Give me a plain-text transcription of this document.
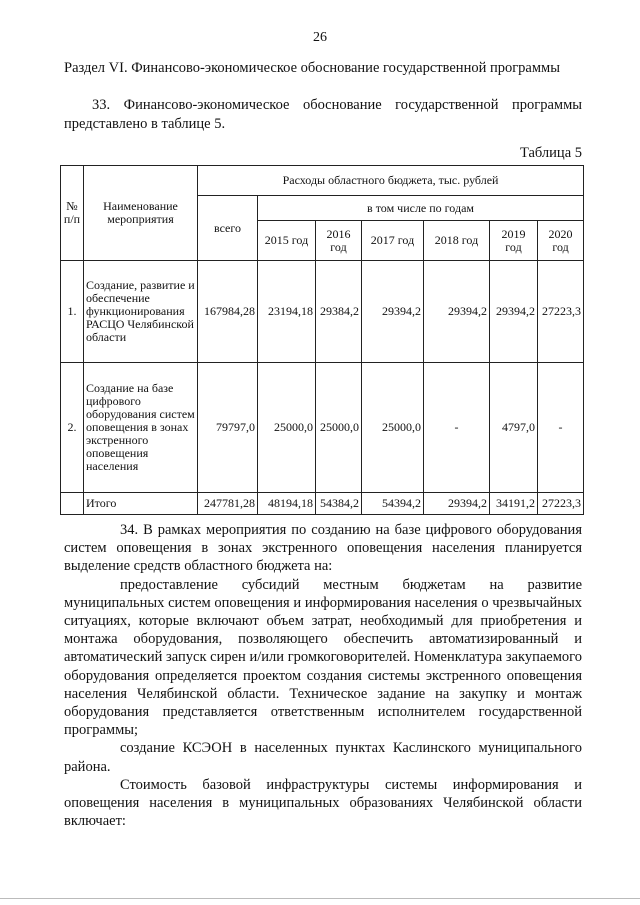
26
Раздел VI. Финансово-экономическое обоснование государственной программы

33. Финансово-экономическое обоснование государственной программы представлено в таблице 5.

Таблица 5
№ п/п	Наименование мероприятия	Расходы областного бюджета, тыс. рублей						
		всего	в том числе по годам					
			2015 год	2016 год	2017 год	2018 год	2019 год	2020 год
1.	Создание, развитие и обеспечение функционирования РАСЦО Челябинской области	167984,28	23194,18	29384,2	29394,2	29394,2	29394,2	27223,3
2.	Создание на базе цифрового оборудования систем оповещения в зонах экстренного оповещения населения	79797,0	25000,0	25000,0	25000,0	-	4797,0	-
	Итого	247781,28	48194,18	54384,2	54394,2	29394,2	34191,2	27223,3

34. В рамках мероприятия по созданию на базе цифрового оборудования систем оповещения в зонах экстренного оповещения населения планируется выделение средств областного бюджета на:

предоставление субсидий местным бюджетам на развитие муниципальных систем оповещения и информирования населения о чрезвычайных ситуациях, которые включают объем затрат, необходимый для приобретения и монтажа оборудования, позволяющего обеспечить автоматизированный и автоматический запуск сирен и/или громкоговорителей. Номенклатура закупаемого оборудования определяется проектом создания системы экстренного оповещения населения Челябинской области. Техническое задание на закупку и монтаж оборудования представляется ответственным исполнителем государственной программы;

создание КСЭОН в населенных пунктах Каслинского муниципального района.

Стоимость базовой инфраструктуры системы информирования и оповещения населения в муниципальных образованиях Челябинской области включает:
